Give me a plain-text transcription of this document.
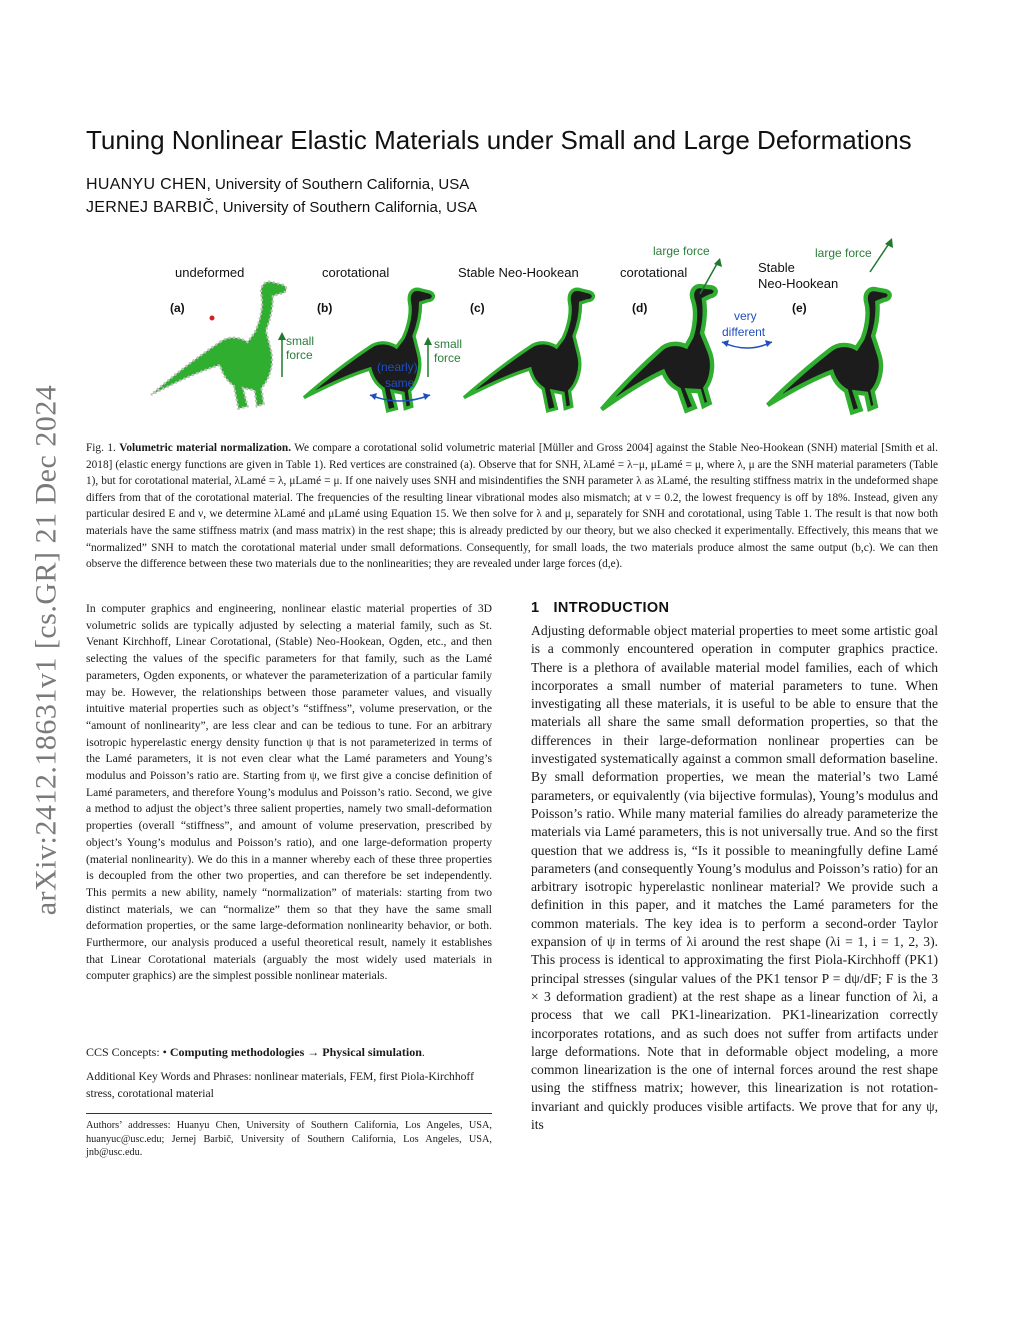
arXiv:2412.18631v1 [cs.GR] 21 Dec 2024
Tuning Nonlinear Elastic Materials under Small and Large Deformations
HUANYU CHEN, University of Southern California, USA
JERNEJ BARBIČ, University of Southern California, USA
undeformed	corotational	Stable Neo-Hookean	corotational	Stable
Neo-Hookean
(a)	(b)	(c)	(d)	(e)
small
force
small
force
(nearly)
same
large force	large force
very
different
Fig. 1. Volumetric material normalization. We compare a corotational solid volumetric material [Müller and Gross 2004] against the Stable Neo-Hookean (SNH) material [Smith et al. 2018] (elastic energy functions are given in Table 1). Red vertices are constrained (a). Observe that for SNH, λLamé = λ−μ, μLamé = μ, where λ, μ are the SNH material parameters (Table 1), but for corotational material, λLamé = λ, μLamé = μ. If one naively uses SNH and misindentifies the SNH parameter λ as λLamé, the resulting stiffness matrix in the undeformed shape differs from that of the corotational material. The frequencies of the resulting linear vibrational modes also mismatch; at ν = 0.2, the lowest frequency is off by 18%. Instead, given any particular desired E and ν, we determine λLamé and μLamé using Equation 15. We then solve for λ and μ, separately for SNH and corotational, using Table 1. The result is that now both materials have the same stiffness matrix (and mass matrix) in the rest shape; this is already predicted by our theory, but we also checked it experimentally. Effectively, this means that we “normalized” SNH to match the corotational material under small deformations. Consequently, for small loads, the two materials produce almost the same output (b,c). We can then observe the difference between these two materials due to the nonlinearities; they are revealed under large forces (d,e).

In computer graphics and engineering, nonlinear elastic material properties of 3D volumetric solids are typically adjusted by selecting a material family, such as St. Venant Kirchhoff, Linear Corotational, (Stable) Neo-Hookean, Ogden, etc., and then selecting the values of the specific parameters for that family, such as the Lamé parameters, Ogden exponents, or whatever the parameterization of a particular family may be. However, the relationships between those parameter values, and visually intuitive material properties such as object’s “stiffness”, volume preservation, or the “amount of nonlinearity”, are less clear and can be tedious to tune. For an arbitrary isotropic hyperelastic energy density function ψ that is not parameterized in terms of the Lamé parameters, it is not even clear what the Lamé parameters and Young’s modulus and Poisson’s ratio are. Starting from ψ, we first give a concise definition of Lamé parameters, and therefore Young’s modulus and Poisson’s ratio. Second, we give a method to adjust the object’s three salient properties, namely two small-deformation properties (overall “stiffness”, and amount of volume preservation, prescribed by object’s Young’s modulus and Poisson’s ratio), and one large-deformation property (material nonlinearity). We do this in a manner whereby each of these three properties is decoupled from the other two properties, and can therefore be set independently. This permits a new ability, namely “normalization” of materials: starting from two distinct materials, we can “normalize” them so that they have the same small deformation properties, or the same large-deformation nonlinearity behavior, or both. Furthermore, our analysis produced a useful theoretical result, namely it establishes that Linear Corotational materials (arguably the most widely used materials in computer graphics) are the simplest possible nonlinear materials.

CCS Concepts: • Computing methodologies → Physical simulation.

Additional Key Words and Phrases: nonlinear materials, FEM, first Piola-Kirchhoff stress, corotational material

Authors’ addresses: Huanyu Chen, University of Southern California, Los Angeles, USA, huanyuc@usc.edu; Jernej Barbič, University of Southern California, Los Angeles, USA, jnb@usc.edu.

1 INTRODUCTION

Adjusting deformable object material properties to meet some artistic goal is a commonly encountered operation in computer graphics practice. There is a plethora of available material model families, each of which incorporates a small number of material parameters to tune. When investigating all these materials, it is useful to be able to ensure that the materials all share the same small deformation properties, so that the differences in their large-deformation nonlinear properties can be investigated systematically against a common small deformation baseline. By small deformation properties, we mean the material’s two Lamé parameters, or equivalently (via bijective formulas), Young’s modulus and Poisson’s ratio. While many material families do already parameterize the materials via Lamé parameters, this is not universally true. And so the first question that we address is, “Is it possible to meaningfully define Lamé parameters (and consequently Young’s modulus and Poisson’s ratio) for an arbitrary isotropic hyperelastic nonlinear material? We provide such a definition in this paper, and it matches the Lamé parameters for the common materials. The key idea is to perform a second-order Taylor expansion of ψ in terms of λi around the rest shape (λi = 1, i = 1, 2, 3). This process is identical to approximating the first Piola-Kirchhoff (PK1) principal stresses (singular values of the PK1 tensor P = dψ/dF; F is the 3 × 3 deformation gradient) at the rest shape as a linear function of λi, a process that we call PK1-linearization. PK1-linearization correctly incorporates rotations, and as such does not suffer from artifacts under large deformations. Note that in deformable object modeling, a more common linearization is the one of internal forces around the rest shape using the stiffness matrix; however, this linearization is not rotation-invariant and quickly produces visible artifacts. We prove that for any ψ, its
